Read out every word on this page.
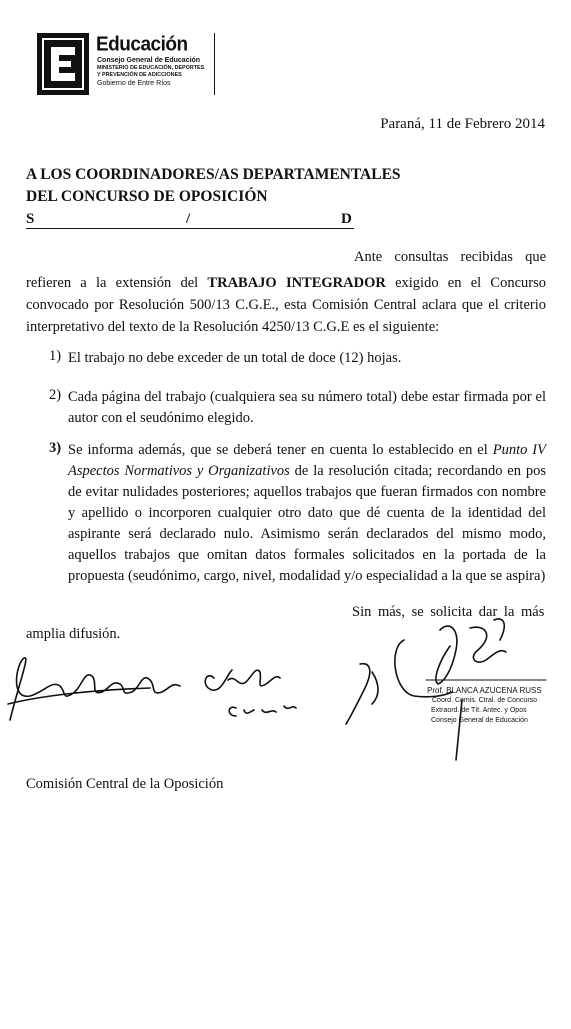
Educación
Consejo General de Educación
MINISTERIO DE EDUCACIÓN, DEPORTES
Y PREVENCIÓN DE ADICCIONES
Gobierno de Entre Ríos
Paraná, 11 de Febrero 2014
A LOS COORDINADORES/AS DEPARTAMENTALES
DEL CONCURSO DE OPOSICIÓN
S	/	D
Ante consultas recibidas que
refieren a la extensión del TRABAJO INTEGRADOR exigido en el Concurso convocado por Resolución 500/13 C.G.E., esta Comisión Central aclara que el criterio interpretativo del texto de la Resolución 4250/13 C.G.E es el siguiente:
1) El trabajo no debe exceder de un total de doce (12) hojas.
2) Cada página del trabajo (cualquiera sea su número total) debe estar firmada por el autor con el seudónimo elegido.
3) Se informa además, que se deberá tener en cuenta lo establecido en el Punto IV Aspectos Normativos y Organizativos de la resolución citada; recordando en pos de evitar nulidades posteriores; aquellos trabajos que fueran firmados con nombre y apellido o incorporen cualquier otro dato que dé cuenta de la identidad del aspirante será declarado nulo. Asimismo serán declarados del mismo modo, aquellos trabajos que omitan datos formales solicitados en la portada de la propuesta (seudónimo, cargo, nivel, modalidad y/o especialidad a la que se aspira)
Sin más, se solicita dar la más
amplia difusión.
Prof. BLANCA AZUCENA RUSS
Coord. Comis. Ctral. de Concurso
Extraord. de Tít. Antec. y Opos
Consejo General de Educación
Comisión Central de la Oposición
